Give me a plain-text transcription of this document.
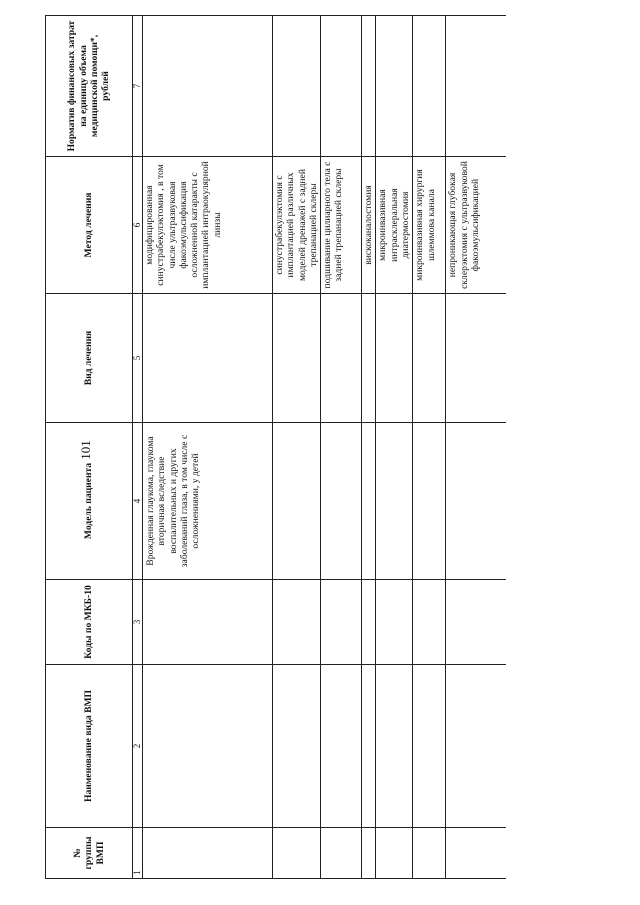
101
№ группы ВМП	Наименование вида ВМП	Коды по МКБ-10	Модель пациента	Вид лечения	Метод лечения	Норматив финансовых затрат на единицу объема медицинской помощи*, рублей
1	2	3	4	5	6	7
			Врожденная глаукома, глаукома вторичная вследствие воспалительных и других заболеваний глаза, в том числе с осложнениями, у детей		модифицированная синустрабекулэктомия , в том числе ультразвуковая факоэмульсификация осложненной катаракты с имплантацией интраокулярной линзы	
					синустрабекулэктомия с имплантацией различных моделей дренажей с задней трепанацией склеры	
					подшивание цилиарного тела с задней трепанацией склеры	
					вискоканалостомия	
					микроинвазивная интрасклеральная диатермостомия	
					микроинвазивная хирургия шлеммова канала	
					непроникающая глубокая склерэктомия с ультразвуковой факоэмульсификацией	
